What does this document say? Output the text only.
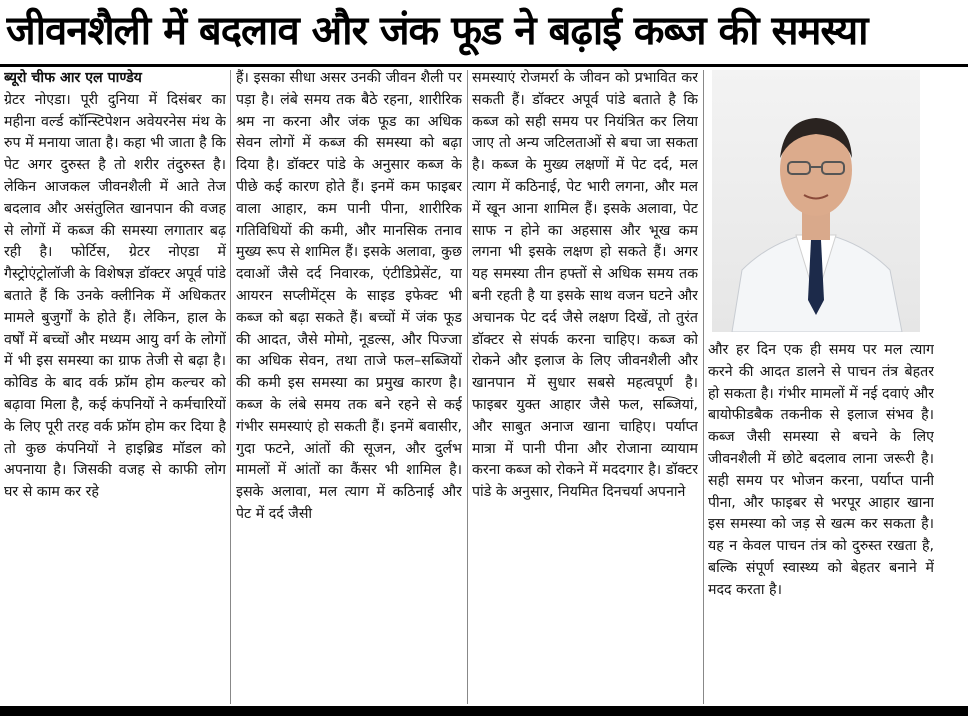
जीवनशैली में बदलाव और जंक फूड ने बढ़ाई कब्ज की समस्या
ब्यूरो चीफ आर एल पाण्डेय

ग्रेटर नोएडा। पूरी दुनिया में दिसंबर का महीना वर्ल्ड कॉन्स्टिपेशन अवेयरनेस मंथ के रुप में मनाया जाता है। कहा भी जाता है कि पेट अगर दुरुस्त है तो शरीर तंदुरुस्त है। लेकिन आजकल जीवनशैली में आते तेज बदलाव और असंतुलित खानपान की वजह से लोगों में कब्ज की समस्या लगातार बढ़ रही है। फोर्टिस, ग्रेटर नोएडा में गैस्ट्रोएंट्रोलॉजी के विशेषज्ञ डॉक्टर अपूर्व पांडे बताते हैं कि उनके क्लीनिक में अधिकतर मामले बुजुर्गों के होते हैं। लेकिन, हाल के वर्षों में बच्चों और मध्यम आयु वर्ग के लोगों में भी इस समस्या का ग्राफ तेजी से बढ़ा है। कोविड के बाद वर्क फ्रॉम होम कल्चर को बढ़ावा मिला है, कई कंपनियों ने कर्मचारियों के लिए पूरी तरह वर्क फ्रॉम होम कर दिया है तो कुछ कंपनियों ने हाइब्रिड मॉडल को अपनाया है। जिसकी वजह से काफी लोग घर से काम कर रहे

हैं। इसका सीधा असर उनकी जीवन शैली पर पड़ा है। लंबे समय तक बैठे रहना, शारीरिक श्रम ना करना और जंक फूड का अधिक सेवन लोगों में कब्ज की समस्या को बढ़ा दिया है। डॉक्टर पांडे के अनुसार कब्ज के पीछे कई कारण होते हैं। इनमें कम फाइबर वाला आहार, कम पानी पीना, शारीरिक गतिविधियों की कमी, और मानसिक तनाव मुख्य रूप से शामिल हैं। इसके अलावा, कुछ दवाओं जैसे दर्द निवारक, एंटीडिप्रेसेंट, या आयरन सप्लीमेंट्स के साइड इफेक्ट भी कब्ज को बढ़ा सकते हैं। बच्चों में जंक फूड की आदत, जैसे मोमो, नूडल्स, और पिज्जा का अधिक सेवन, तथा ताजे फल–सब्जियों की कमी इस समस्या का प्रमुख कारण है। कब्ज के लंबे समय तक बने रहने से कई गंभीर समस्याएं हो सकती हैं। इनमें बवासीर, गुदा फटने, आंतों की सूजन, और दुर्लभ मामलों में आंतों का कैंसर भी शामिल है। इसके अलावा, मल त्याग में कठिनाई और पेट में दर्द जैसी

समस्याएं रोजमर्रा के जीवन को प्रभावित कर सकती हैं। डॉक्टर अपूर्व पांडे बताते है कि कब्ज को सही समय पर नियंत्रित कर लिया जाए तो अन्य जटिलताओं से बचा जा सकता है। कब्ज के मुख्य लक्षणों में पेट दर्द, मल त्याग में कठिनाई, पेट भारी लगना, और मल में खून आना शामिल हैं। इसके अलावा, पेट साफ न होने का अहसास और भूख कम लगना भी इसके लक्षण हो सकते हैं। अगर यह समस्या तीन हफ्तों से अधिक समय तक बनी रहती है या इसके साथ वजन घटने और अचानक पेट दर्द जैसे लक्षण दिखें, तो तुरंत डॉक्टर से संपर्क करना चाहिए। कब्ज को रोकने और इलाज के लिए जीवनशैली और खानपान में सुधार सबसे महत्वपूर्ण है। फाइबर युक्त आहार जैसे फल, सब्जियां, और साबुत अनाज खाना चाहिए। पर्याप्त मात्रा में पानी पीना और रोजाना व्यायाम करना कब्ज को रोकने में मददगार है। डॉक्टर पांडे के अनुसार, नियमित दिनचर्या अपनाने

और हर दिन एक ही समय पर मल त्याग करने की आदत डालने से पाचन तंत्र बेहतर हो सकता है। गंभीर मामलों में नई दवाएं और बायोफीडबैक तकनीक से इलाज संभव है। कब्ज जैसी समस्या से बचने के लिए जीवनशैली में छोटे बदलाव लाना जरूरी है। सही समय पर भोजन करना, पर्याप्त पानी पीना, और फाइबर से भरपूर आहार खाना इस समस्या को जड़ से खत्म कर सकता है। यह न केवल पाचन तंत्र को दुरुस्त रखता है, बल्कि संपूर्ण स्वास्थ्य को बेहतर बनाने में मदद करता है।
